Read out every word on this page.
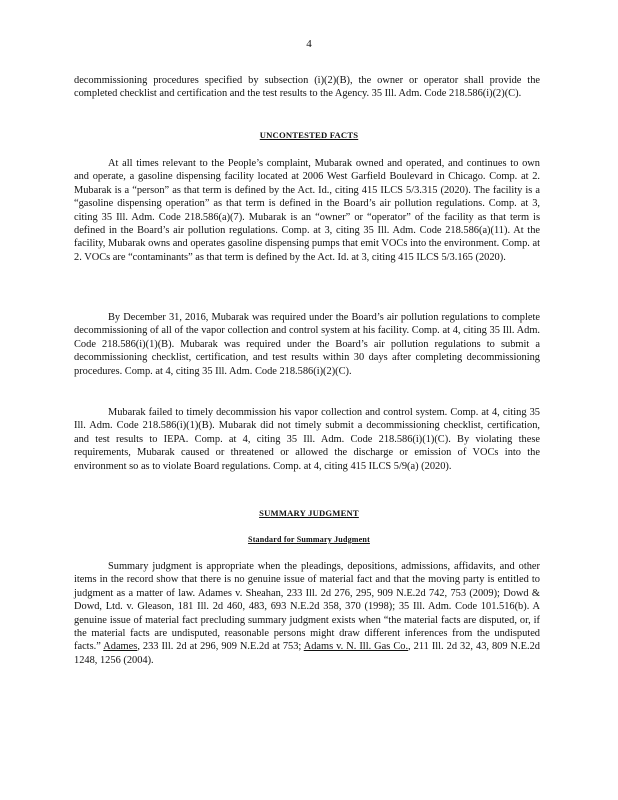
4

decommissioning procedures specified by subsection (i)(2)(B), the owner or operator shall provide the completed checklist and certification and the test results to the Agency. 35 Ill. Adm. Code 218.586(i)(2)(C).

UNCONTESTED FACTS

At all times relevant to the People’s complaint, Mubarak owned and operated, and continues to own and operate, a gasoline dispensing facility located at 2006 West Garfield Boulevard in Chicago. Comp. at 2. Mubarak is a “person” as that term is defined by the Act. Id., citing 415 ILCS 5/3.315 (2020). The facility is a “gasoline dispensing operation” as that term is defined in the Board’s air pollution regulations. Comp. at 3, citing 35 Ill. Adm. Code 218.586(a)(7). Mubarak is an “owner” or “operator” of the facility as that term is defined in the Board’s air pollution regulations. Comp. at 3, citing 35 Ill. Adm. Code 218.586(a)(11). At the facility, Mubarak owns and operates gasoline dispensing pumps that emit VOCs into the environment. Comp. at 2. VOCs are “contaminants” as that term is defined by the Act. Id. at 3, citing 415 ILCS 5/3.165 (2020).

By December 31, 2016, Mubarak was required under the Board’s air pollution regulations to complete decommissioning of all of the vapor collection and control system at his facility. Comp. at 4, citing 35 Ill. Adm. Code 218.586(i)(1)(B). Mubarak was required under the Board’s air pollution regulations to submit a decommissioning checklist, certification, and test results within 30 days after completing decommissioning procedures. Comp. at 4, citing 35 Ill. Adm. Code 218.586(i)(2)(C).

Mubarak failed to timely decommission his vapor collection and control system. Comp. at 4, citing 35 Ill. Adm. Code 218.586(i)(1)(B). Mubarak did not timely submit a decommissioning checklist, certification, and test results to IEPA. Comp. at 4, citing 35 Ill. Adm. Code 218.586(i)(1)(C). By violating these requirements, Mubarak caused or threatened or allowed the discharge or emission of VOCs into the environment so as to violate Board regulations. Comp. at 4, citing 415 ILCS 5/9(a) (2020).

SUMMARY JUDGMENT
Standard for Summary Judgment

Summary judgment is appropriate when the pleadings, depositions, admissions, affidavits, and other items in the record show that there is no genuine issue of material fact and that the moving party is entitled to judgment as a matter of law. Adames v. Sheahan, 233 Ill. 2d 276, 295, 909 N.E.2d 742, 753 (2009); Dowd & Dowd, Ltd. v. Gleason, 181 Ill. 2d 460, 483, 693 N.E.2d 358, 370 (1998); 35 Ill. Adm. Code 101.516(b). A genuine issue of material fact precluding summary judgment exists when “the material facts are disputed, or, if the material facts are undisputed, reasonable persons might draw different inferences from the undisputed facts.” Adames, 233 Ill. 2d at 296, 909 N.E.2d at 753; Adams v. N. Ill. Gas Co., 211 Ill. 2d 32, 43, 809 N.E.2d 1248, 1256 (2004).
